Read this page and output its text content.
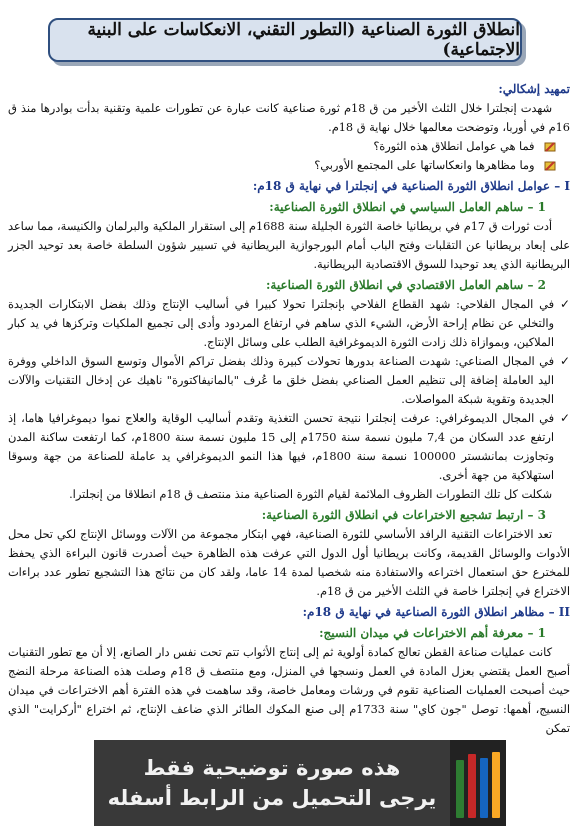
انطلاق الثورة الصناعية (التطور التقني، الانعكاسات على البنية الاجتماعية)
تمهيد إشكالي:

شهدت إنجلترا خلال الثلث الأخير من ق 18م ثورة صناعية كانت عبارة عن تطورات علمية وتقنية بدأت بوادرها منذ ق 16م في أوربا، وتوضحت معالمها خلال نهاية ق 18م.

فما هي عوامل انطلاق هذه الثورة؟
وما مظاهرها وانعكاساتها على المجتمع الأوربي؟
I – عوامل انطلاق الثورة الصناعية في إنجلترا في نهاية ق 18م:
1 – ساهم العامل السياسي في انطلاق الثورة الصناعية:

أدت ثورات ق 17م في بريطانيا خاصة الثورة الجليلة سنة 1688م إلى استقرار الملكية والبرلمان والكنيسة، مما ساعد على إبعاد بريطانيا عن التقلبات وفتح الباب أمام البورجوازية البريطانية في تسيير شؤون السلطة خاصة بعد توحيد الجزر البريطانية الذي يعد توحيدا للسوق الاقتصادية البريطانية.

2 – ساهم العامل الاقتصادي في انطلاق الثورة الصناعية:
✓
في المجال الفلاحي: شهد القطاع الفلاحي بإنجلترا تحولا كبيرا في أساليب الإنتاج وذلك بفضل الابتكارات الجديدة والتخلي عن نظام إراحة الأرض، الشيء الذي ساهم في ارتفاع المردود وأدى إلى تجميع الملكيات وتركزها في يد كبار الملاكين، وبموازاة ذلك زادت الثورة الديموغرافية الطلب على وسائل الإنتاج.
✓
في المجال الصناعي: شهدت الصناعة بدورها تحولات كبيرة وذلك بفضل تراكم الأموال وتوسع السوق الداخلي ووفرة اليد العاملة إضافة إلى تنظيم العمل الصناعي بفضل خلق ما عُرف "بالمانيفاكتورة" ناهيك عن إدخال التقنيات والآلات الجديدة وتقوية شبكة المواصلات.
✓
في المجال الديموغرافي: عرفت إنجلترا نتيجة تحسن التغذية وتقدم أساليب الوقاية والعلاج نموا ديموغرافيا هاما، إذ ارتفع عدد السكان من 7,4 مليون نسمة سنة 1750م إلى 15 مليون نسمة سنة 1800م، كما ارتفعت ساكنة المدن وتجاوزت بمانشستر 100000 نسمة سنة 1800م، فيها هذا النمو الديموغرافي يد عاملة للصناعة من جهة وسوقا استهلاكية من جهة أخرى.

شكلت كل تلك التطورات الظروف الملائمة لقيام الثورة الصناعية منذ منتصف ق 18م انطلاقا من إنجلترا.

3 – ارتبط تشجيع الاختراعات في انطلاق الثورة الصناعية:

تعد الاختراعات التقنية الرافد الأساسي للثورة الصناعية، فهي ابتكار مجموعة من الآلات ووسائل الإنتاج لكي تحل محل الأدوات والوسائل القديمة، وكانت بريطانيا أول الدول التي عرفت هذه الظاهرة حيث أصدرت قانون البراءة الذي يحفظ للمخترع حق استعمال اختراعه والاستفادة منه شخصيا لمدة 14 عاما، ولقد كان من نتائج هذا التشجيع تطور عدد براءات الاختراع في إنجلترا خاصة في الثلث الأخير من ق 18م.

II – مظاهر انطلاق الثورة الصناعية في نهاية ق 18م:
1 – معرفة أهم الاختراعات في ميدان النسيج:

كانت عمليات صناعة القطن تعالج كمادة أولوية ثم إلى إنتاج الأثواب تتم تحت نفس دار الصانع، إلا أن مع تطور التقنيات أصبح العمل يقتضي بعزل المادة في العمل ونسجها في المنزل، ومع منتصف ق 18م وصلت هذه الصناعة مرحلة النضج حيث أصبحت العمليات الصناعية تقوم في ورشات ومعامل خاصة، وقد ساهمت في هذه الفترة أهم الاختراعات في ميدان النسيج، أهمها: توصل "جون كاي" سنة 1733م إلى صنع المكوك الطائر الذي ضاعف الإنتاج، ثم اختراع "أركرايت" الذي تمكن

هذه صورة توضيحية فقط
يرجى التحميل من الرابط أسفله
